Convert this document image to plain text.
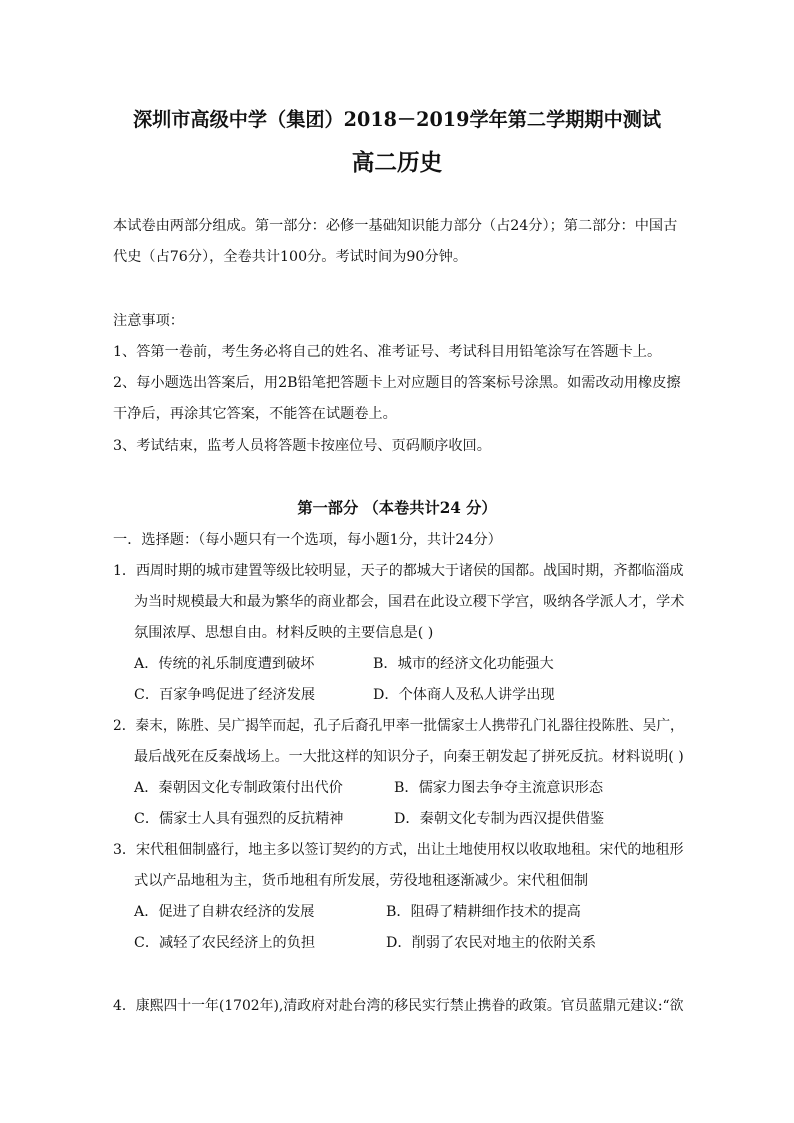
深圳市高级中学（集团）2018－2019学年第二学期期中测试
高二历史
本试卷由两部分组成。第一部分：必修一基础知识能力部分（占24分）；第二部分：中国古
代史（占76分），全卷共计100分。考试时间为90分钟。
注意事项：
1、答第一卷前，考生务必将自己的姓名、准考证号、考试科目用铅笔涂写在答题卡上。
2、每小题选出答案后，用2B铅笔把答题卡上对应题目的答案标号涂黑。如需改动用橡皮擦
干净后，再涂其它答案，不能答在试题卷上。
3、考试结束，监考人员将答题卡按座位号、页码顺序收回。
第一部分 （本卷共计24 分）
一．选择题：（每小题只有一个选项，每小题1分，共计24分）
1．西周时期的城市建置等级比较明显，天子的都城大于诸侯的国都。战国时期，齐都临淄成
为当时规模最大和最为繁华的商业都会，国君在此设立稷下学宫，吸纳各学派人才，学术
氛围浓厚、思想自由。材料反映的主要信息是( )
A．传统的礼乐制度遭到破坏	B．城市的经济文化功能强大
C．百家争鸣促进了经济发展	D．个体商人及私人讲学出现
2．秦末，陈胜、吴广揭竿而起，孔子后裔孔甲率一批儒家士人携带孔门礼器往投陈胜、吴广，
最后战死在反秦战场上。一大批这样的知识分子，向秦王朝发起了拼死反抗。材料说明( )
A．秦朝因文化专制政策付出代价	B．儒家力图去争夺主流意识形态
C．儒家士人具有强烈的反抗精神	D．秦朝文化专制为西汉提供借鉴
3．宋代租佃制盛行，地主多以签订契约的方式，出让土地使用权以收取地租。宋代的地租形
式以产品地租为主，货币地租有所发展，劳役地租逐渐减少。宋代租佃制
A．促进了自耕农经济的发展	B．阻碍了精耕细作技术的提高
C．减轻了农民经济上的负担	D．削弱了农民对地主的依附关系
4．康熙四十一年(1702年),清政府对赴台湾的移民实行禁止携眷的政策。官员蓝鼎元建议:“欲
